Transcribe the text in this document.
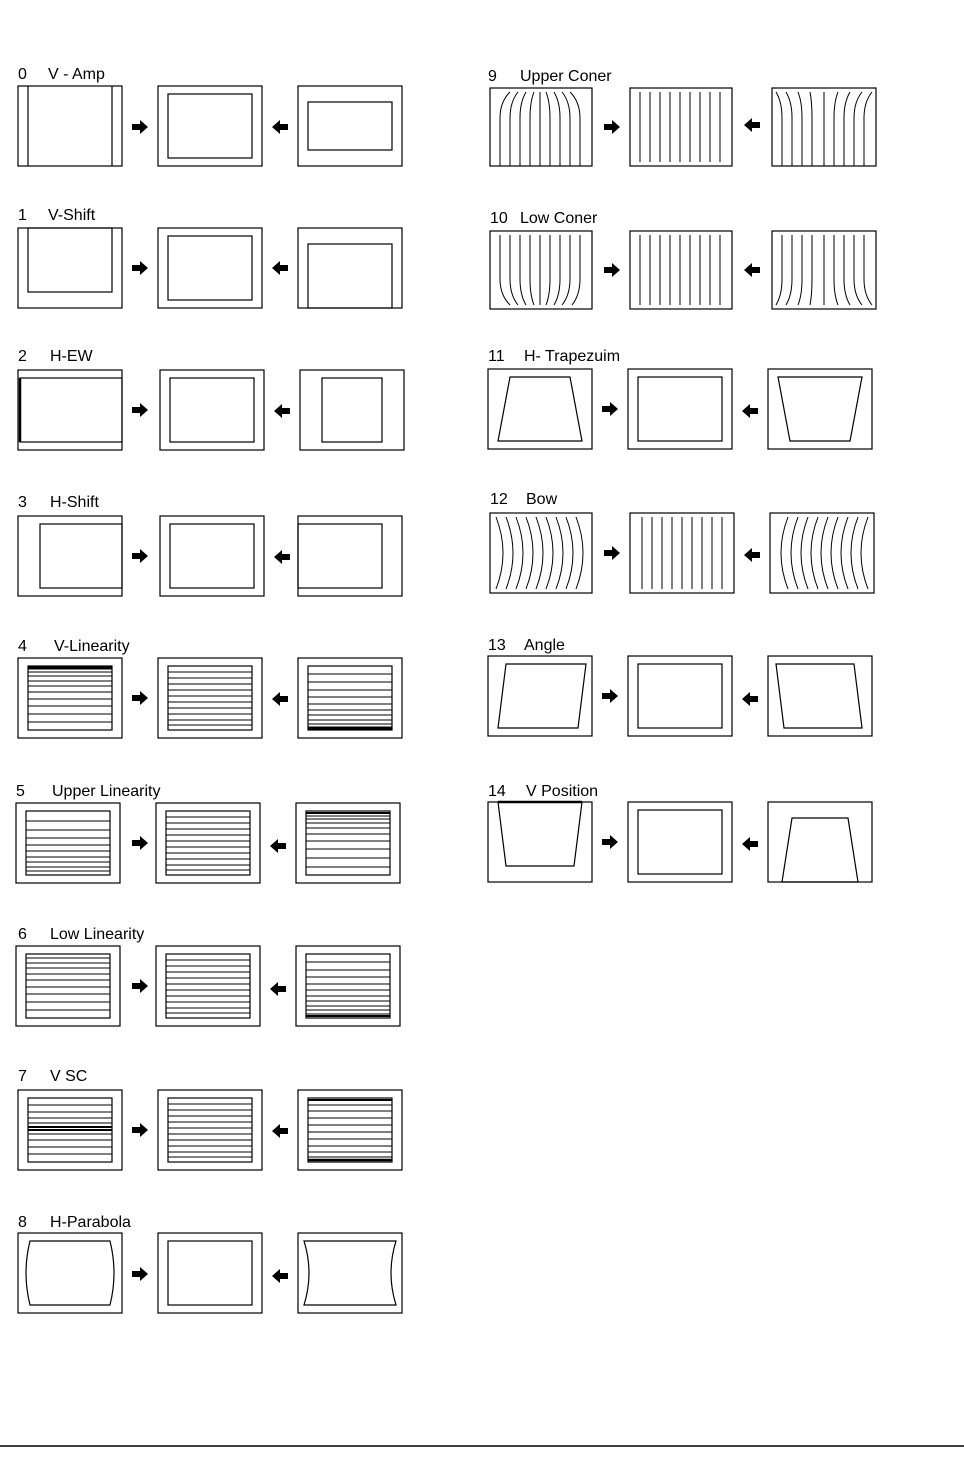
0 V - Amp
1 V-Shift
2 H-EW
3 H-Shift
4 V-Linearity
5 Upper Linearity
6 Low Linearity
7 V SC
8 H-Parabola
9 Upper Coner
10 Low Coner
11 H- Trapezuim
12 Bow
13 Angle
14 V Position
